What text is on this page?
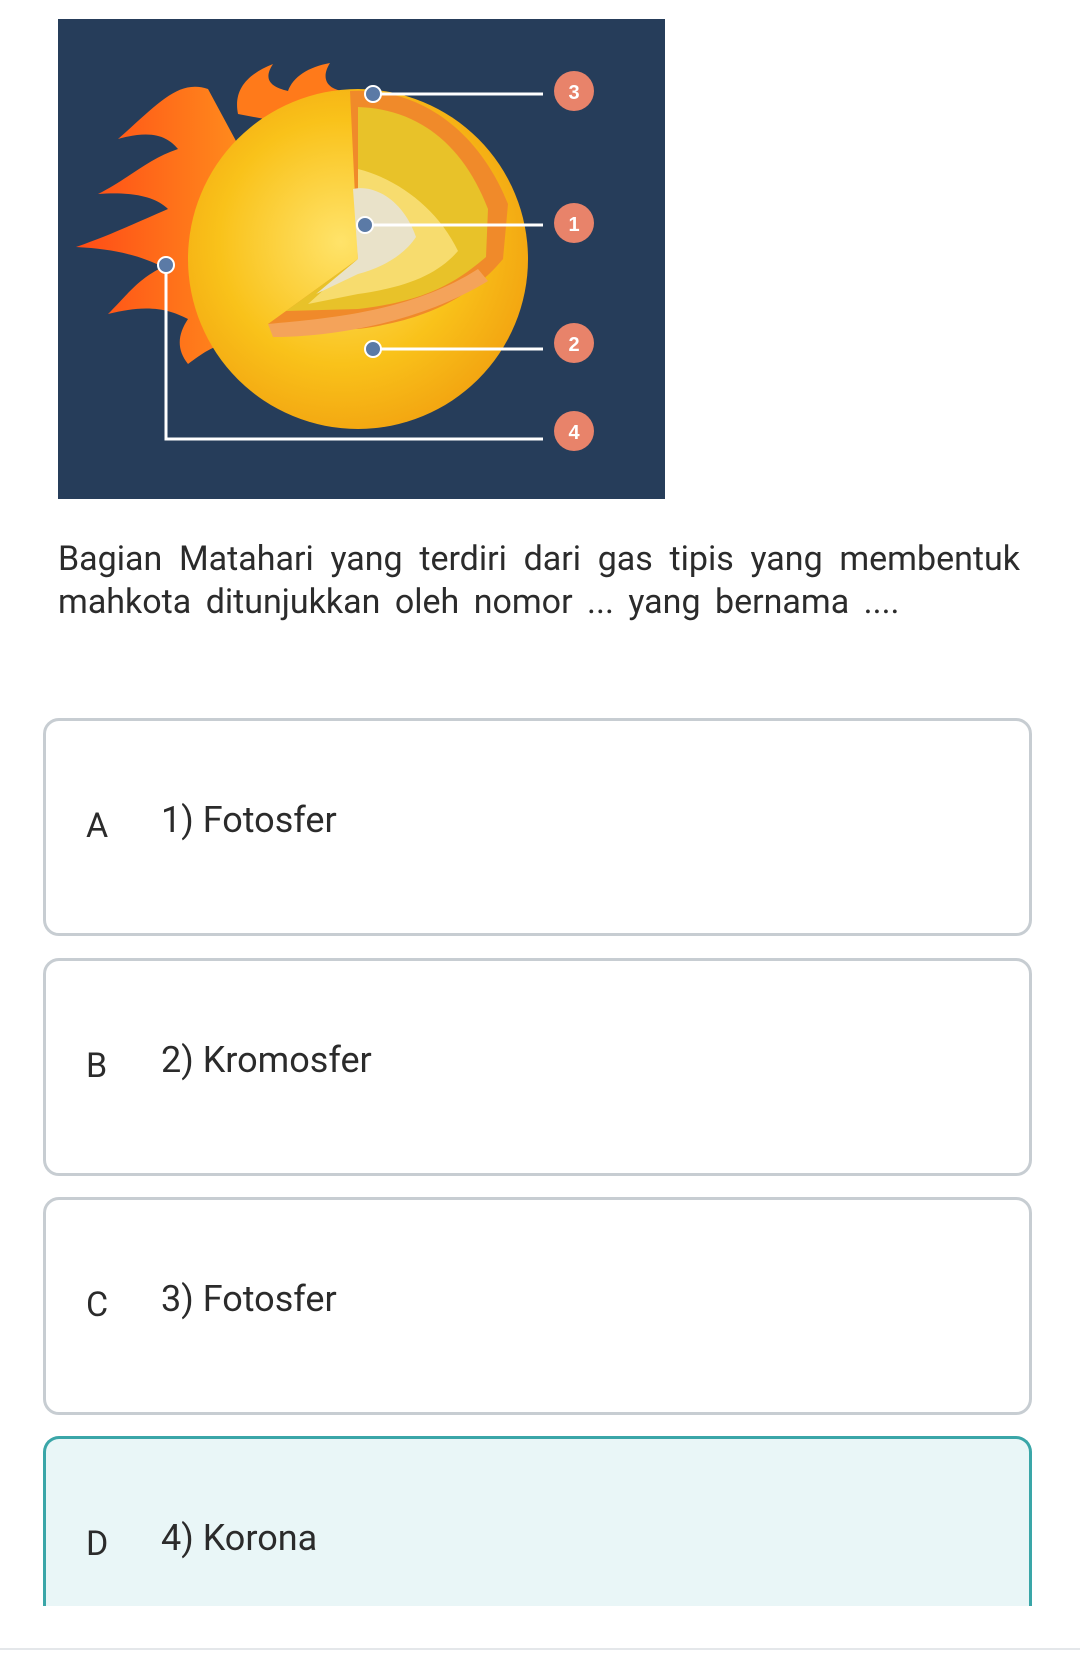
3
1
2
4

Bagian Matahari yang terdiri dari gas tipis yang membentuk mahkota ditunjukkan oleh nomor ... yang bernama ....

A 1) Fotosfer
B 2) Kromosfer
C 3) Fotosfer
D 4) Korona
